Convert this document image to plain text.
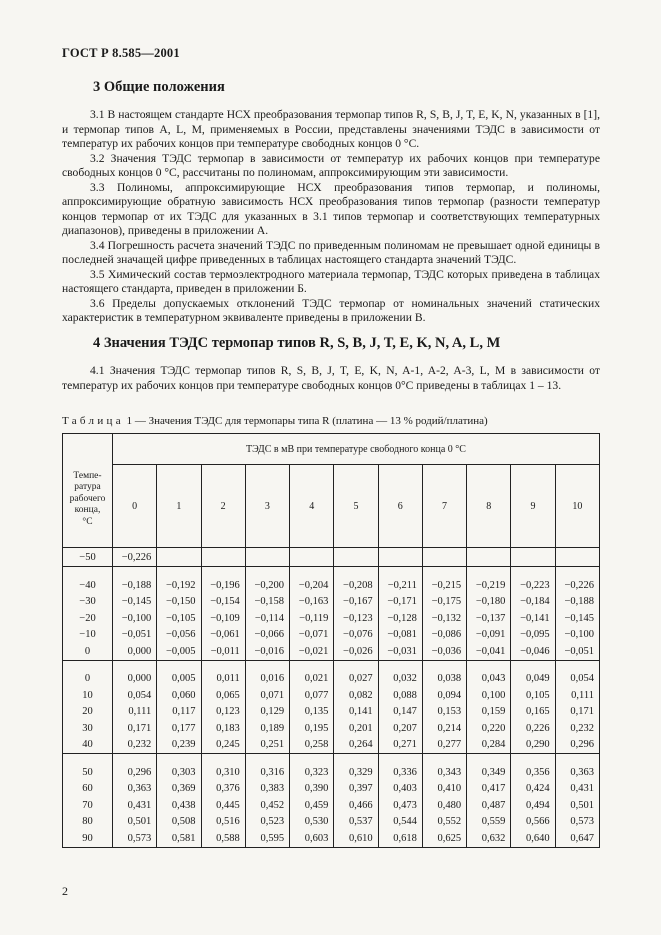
ГОСТ Р 8.585—2001
3 Общие положения

3.1 В настоящем стандарте НСХ преобразования термопар типов R, S, B, J, T, E, K, N, указанных в [1], и термопар типов A, L, M, применяемых в России, представлены значениями ТЭДС в зависимости от температур их рабочих концов при температуре свободных концов 0 °С.

3.2 Значения ТЭДС термопар в зависимости от температур их рабочих концов при температуре свободных концов 0 °С, рассчитаны по полиномам, аппроксимирующим эти зависимости.

3.3 Полиномы, аппроксимирующие НСХ преобразования типов термопар, и полиномы, аппроксимирующие обратную зависимость НСХ преобразования типов термопар (разности температур концов термопар от их ТЭДС для указанных в 3.1 типов термопар и соответствующих температурных диапазонов), приведены в приложении А.

3.4 Погрешность расчета значений ТЭДС по приведенным полиномам не превышает одной единицы в последней значащей цифре приведенных в таблицах настоящего стандарта значений ТЭДС.

3.5 Химический состав термоэлектродного материала термопар, ТЭДС которых приведена в таблицах настоящего стандарта, приведен в приложении Б.

3.6 Пределы допускаемых отклонений ТЭДС термопар от номинальных значений статических характеристик в температурном эквиваленте приведены в приложении В.

4 Значения ТЭДС термопар типов R, S, B, J, T, E, K, N, A, L, M

4.1 Значения ТЭДС термопар типов R, S, B, J, T, E, K, N, A-1, A-2, A-3, L, M в зависимости от температур их рабочих концов при температуре свободных концов 0°С приведены в таблицах 1 – 13.

Таблица 1 — Значения ТЭДС для термопары типа R (платина — 13 % родий/платина)
Темпе-
ратура
рабочего
конца,
°С	ТЭДС в мВ при температуре свободного конца 0 °С										
	0	1	2	3	4	5	6	7	8	9	10
−50	−0,226										

−40	−0,188	−0,192	−0,196	−0,200	−0,204	−0,208	−0,211	−0,215	−0,219	−0,223	−0,226
−30	−0,145	−0,150	−0,154	−0,158	−0,163	−0,167	−0,171	−0,175	−0,180	−0,184	−0,188
−20	−0,100	−0,105	−0,109	−0,114	−0,119	−0,123	−0,128	−0,132	−0,137	−0,141	−0,145
−10	−0,051	−0,056	−0,061	−0,066	−0,071	−0,076	−0,081	−0,086	−0,091	−0,095	−0,100
0	0,000	−0,005	−0,011	−0,016	−0,021	−0,026	−0,031	−0,036	−0,041	−0,046	−0,051

0	0,000	0,005	0,011	0,016	0,021	0,027	0,032	0,038	0,043	0,049	0,054
10	0,054	0,060	0,065	0,071	0,077	0,082	0,088	0,094	0,100	0,105	0,111
20	0,111	0,117	0,123	0,129	0,135	0,141	0,147	0,153	0,159	0,165	0,171
30	0,171	0,177	0,183	0,189	0,195	0,201	0,207	0,214	0,220	0,226	0,232
40	0,232	0,239	0,245	0,251	0,258	0,264	0,271	0,277	0,284	0,290	0,296

50	0,296	0,303	0,310	0,316	0,323	0,329	0,336	0,343	0,349	0,356	0,363
60	0,363	0,369	0,376	0,383	0,390	0,397	0,403	0,410	0,417	0,424	0,431
70	0,431	0,438	0,445	0,452	0,459	0,466	0,473	0,480	0,487	0,494	0,501
80	0,501	0,508	0,516	0,523	0,530	0,537	0,544	0,552	0,559	0,566	0,573
90	0,573	0,581	0,588	0,595	0,603	0,610	0,618	0,625	0,632	0,640	0,647
2
